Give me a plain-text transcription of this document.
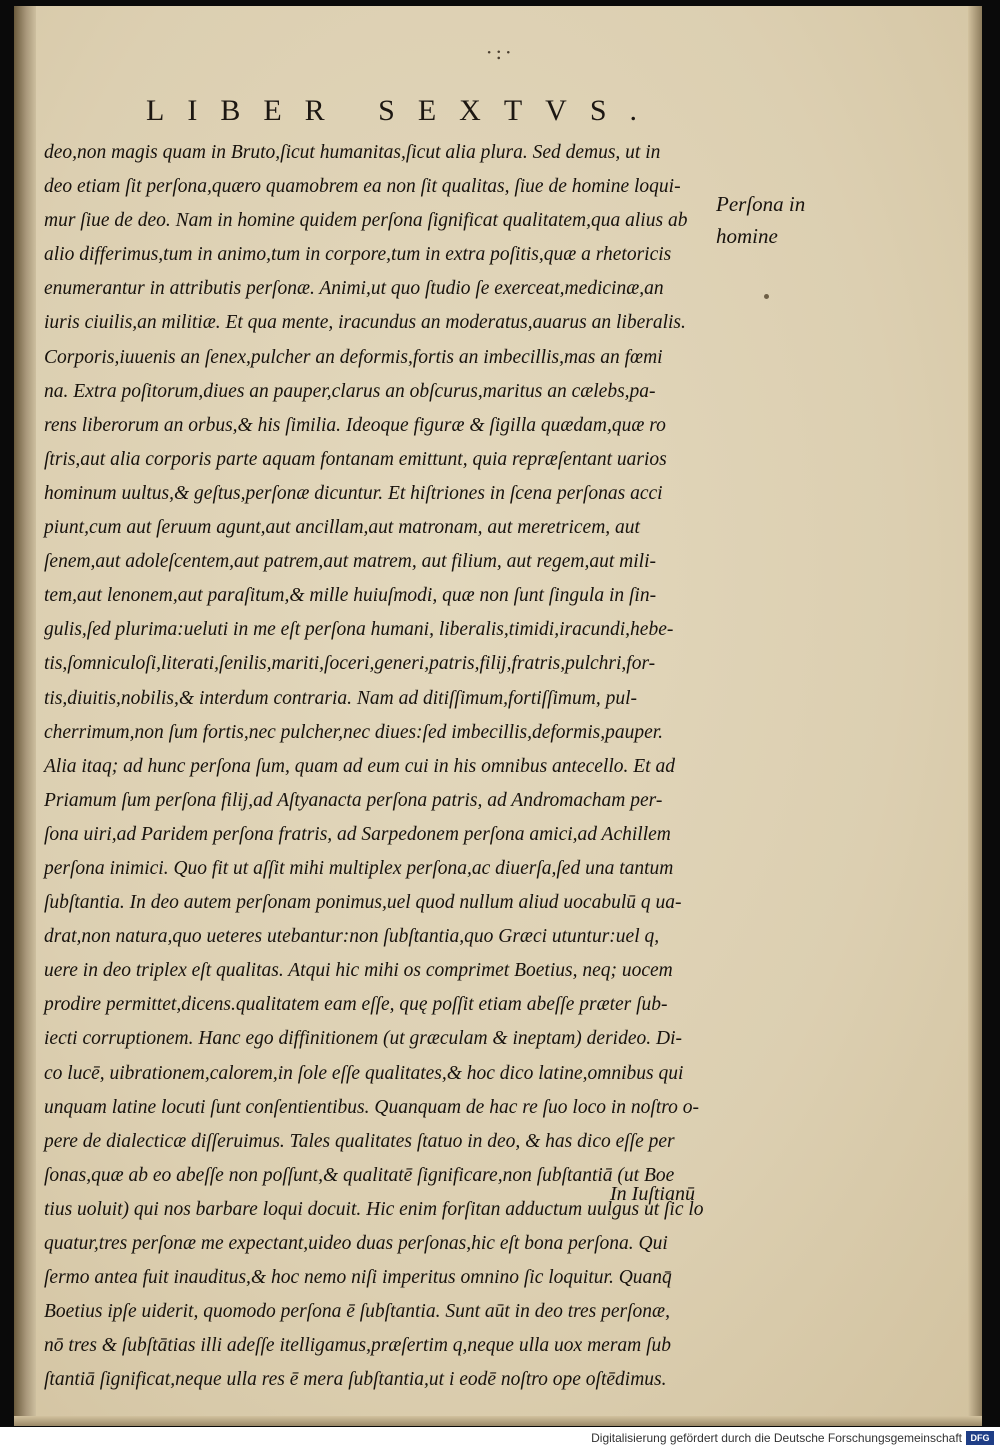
·:·
LIBER SEXTVS.
deo,non magis quam in Bruto,ſicut humanitas,ſicut alia plura. Sed demus, ut in
deo etiam ſit perſona,quæro quamobrem ea non ſit qualitas, ſiue de homine loqui-
mur ſiue de deo. Nam in homine quidem perſona ſignificat qualitatem,qua alius ab
alio differimus,tum in animo,tum in corpore,tum in extra poſitis,quæ a rhetoricis
enumerantur in attributis perſonæ. Animi,ut quo ſtudio ſe exerceat,medicinæ,an
iuris ciuilis,an militiæ. Et qua mente, iracundus an moderatus,auarus an liberalis.
Corporis,iuuenis an ſenex,pulcher an deformis,fortis an imbecillis,mas an fœmi
na. Extra poſitorum,diues an pauper,clarus an obſcurus,maritus an cælebs,pa-
rens liberorum an orbus,& his ſimilia. Ideoque figuræ & ſigilla quædam,quæ ro
ſtris,aut alia corporis parte aquam fontanam emittunt, quia repræſentant uarios
hominum uultus,& geſtus,perſonæ dicuntur. Et hiſtriones in ſcena perſonas acci
piunt,cum aut ſeruum agunt,aut ancillam,aut matronam, aut meretricem, aut
ſenem,aut adoleſcentem,aut patrem,aut matrem, aut filium, aut regem,aut mili-
tem,aut lenonem,aut paraſitum,& mille huiuſmodi, quæ non ſunt ſingula in ſin-
gulis,ſed plurima:ueluti in me eſt perſona humani, liberalis,timidi,iracundi,hebe-
tis,ſomniculoſi,literati,ſenilis,mariti,ſoceri,generi,patris,filij,fratris,pulchri,for-
tis,diuitis,nobilis,& interdum contraria. Nam ad ditiſſimum,fortiſſimum, pul-
cherrimum,non ſum fortis,nec pulcher,nec diues:ſed imbecillis,deformis,pauper.
Alia itaq; ad hunc perſona ſum, quam ad eum cui in his omnibus antecello. Et ad
Priamum ſum perſona filij,ad Aſtyanacta perſona patris, ad Andromacham per-
ſona uiri,ad Paridem perſona fratris, ad Sarpedonem perſona amici,ad Achillem
perſona inimici. Quo fit ut aſſit mihi multiplex perſona,ac diuerſa,ſed una tantum
ſubſtantia. In deo autem perſonam ponimus,uel quod nullum aliud uocabulū q ua-
drat,non natura,quo ueteres utebantur:non ſubſtantia,quo Græci utuntur:uel q,
uere in deo triplex eſt qualitas. Atqui hic mihi os comprimet Boetius, neq; uocem
prodire permittet,dicens.qualitatem eam eſſe, quę poſſit etiam abeſſe præter ſub-
iecti corruptionem. Hanc ego diffinitionem (ut græculam & ineptam) derideo. Di-
co lucē, uibrationem,calorem,in ſole eſſe qualitates,& hoc dico latine,omnibus qui
unquam latine locuti ſunt conſentientibus. Quanquam de hac re ſuo loco in noſtro o-
pere de dialecticæ diſſeruimus. Tales qualitates ſtatuo in deo, & has dico eſſe per
ſonas,quæ ab eo abeſſe non poſſunt,& qualitatē ſignificare,non ſubſtantiā (ut Boe
tius uoluit) qui nos barbare loqui docuit. Hic enim forſitan adductum uulgus ut ſic lo
quatur,tres perſonæ me expectant,uideo duas perſonas,hic eſt bona perſona. Qui
ſermo antea fuit inauditus,& hoc nemo niſi imperitus omnino ſic loquitur. Quanq̄
Boetius ipſe uiderit, quomodo perſona ē ſubſtantia. Sunt aūt in deo tres perſonæ,
nō tres & ſubſtātias illi adeſſe itelligamus,præſertim q,neque ulla uox meram ſub
ſtantiā ſignificat,neque ulla res ē mera ſubſtantia,ut i eodē noſtro ope oſtēdimus.
Perſona in
homine
In Iuſtianū
Digitalisierung gefördert durch die Deutsche Forschungsgemeinschaft DFG
